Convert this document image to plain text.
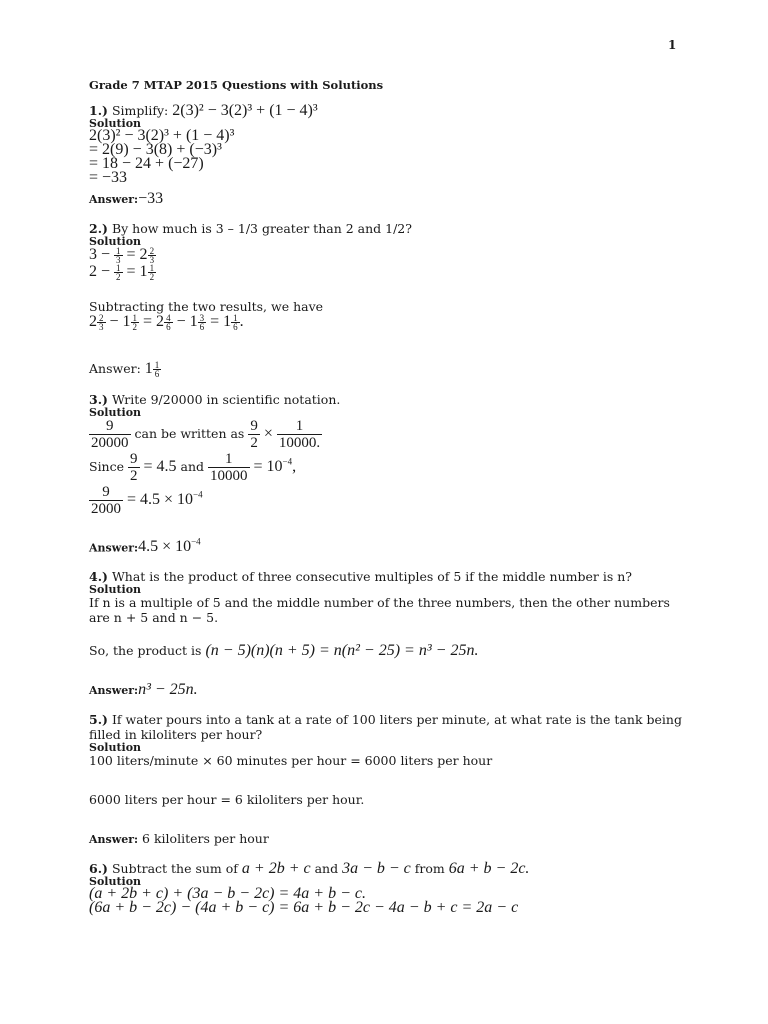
1
Grade 7 MTAP 2015 Questions with Solutions
1.) Simplify: 2(3)² − 3(2)³ + (1 − 4)³
Solution
2(3)² − 3(2)³ + (1 − 4)³
= 2(9) − 3(8) + (−3)³
= 18 − 24 + (−27)
= −33
Answer:−33
2.) By how much is 3 – 1/3 greater than 2 and 1/2?
Solution
$3 - \frac{1}{3} = 2 \frac{2}{3}$
$2 - \frac{1}{2} = 1 \frac{1}{2}$
Subtracting the two results, we have
$2 \frac{2}{3} - 1 \frac{1}{2} = 2 \frac{4}{6} - 1 \frac{3}{6} = 1 \frac{1}{6}$ .
Answer: $1 \frac{1}{6}$
3.) Write 9/20000 in scientific notation.
Solution
$\frac{9}{20000}$ can be written as $\frac{9}{2} \times \frac{1}{10000.}$
Since $\frac{9}{2} = 4.5$ and $\frac{1}{10000} = 10^{-4}$,
$\frac{9}{2000} = 4.5 \times 10^{-4}$
Answer:4.5 × $10^{-4}$
4.) What is the product of three consecutive multiples of 5 if the middle number is n?
Solution
If n is a multiple of 5 and the middle number of the three numbers, then the other numbers
are n + 5 and n − 5.
So, the product is (n − 5)(n)(n + 5) = n(n² − 25) = n³ − 25n.
Answer:n³ − 25n.
5.) If water pours into a tank at a rate of 100 liters per minute, at what rate is the tank being filled in kiloliters per hour?
Solution
100 liters/minute × 60 minutes per hour = 6000 liters per hour
6000 liters per hour = 6 kiloliters per hour.
Answer: 6 kiloliters per hour
6.) Subtract the sum of a + 2b + c and 3a − b − c from 6a + b − 2c.
Solution
(a + 2b + c) + (3a − b − 2c) = 4a + b − c.
(6a + b − 2c) − (4a + b − c) = 6a + b − 2c − 4a − b + c = 2a − c
